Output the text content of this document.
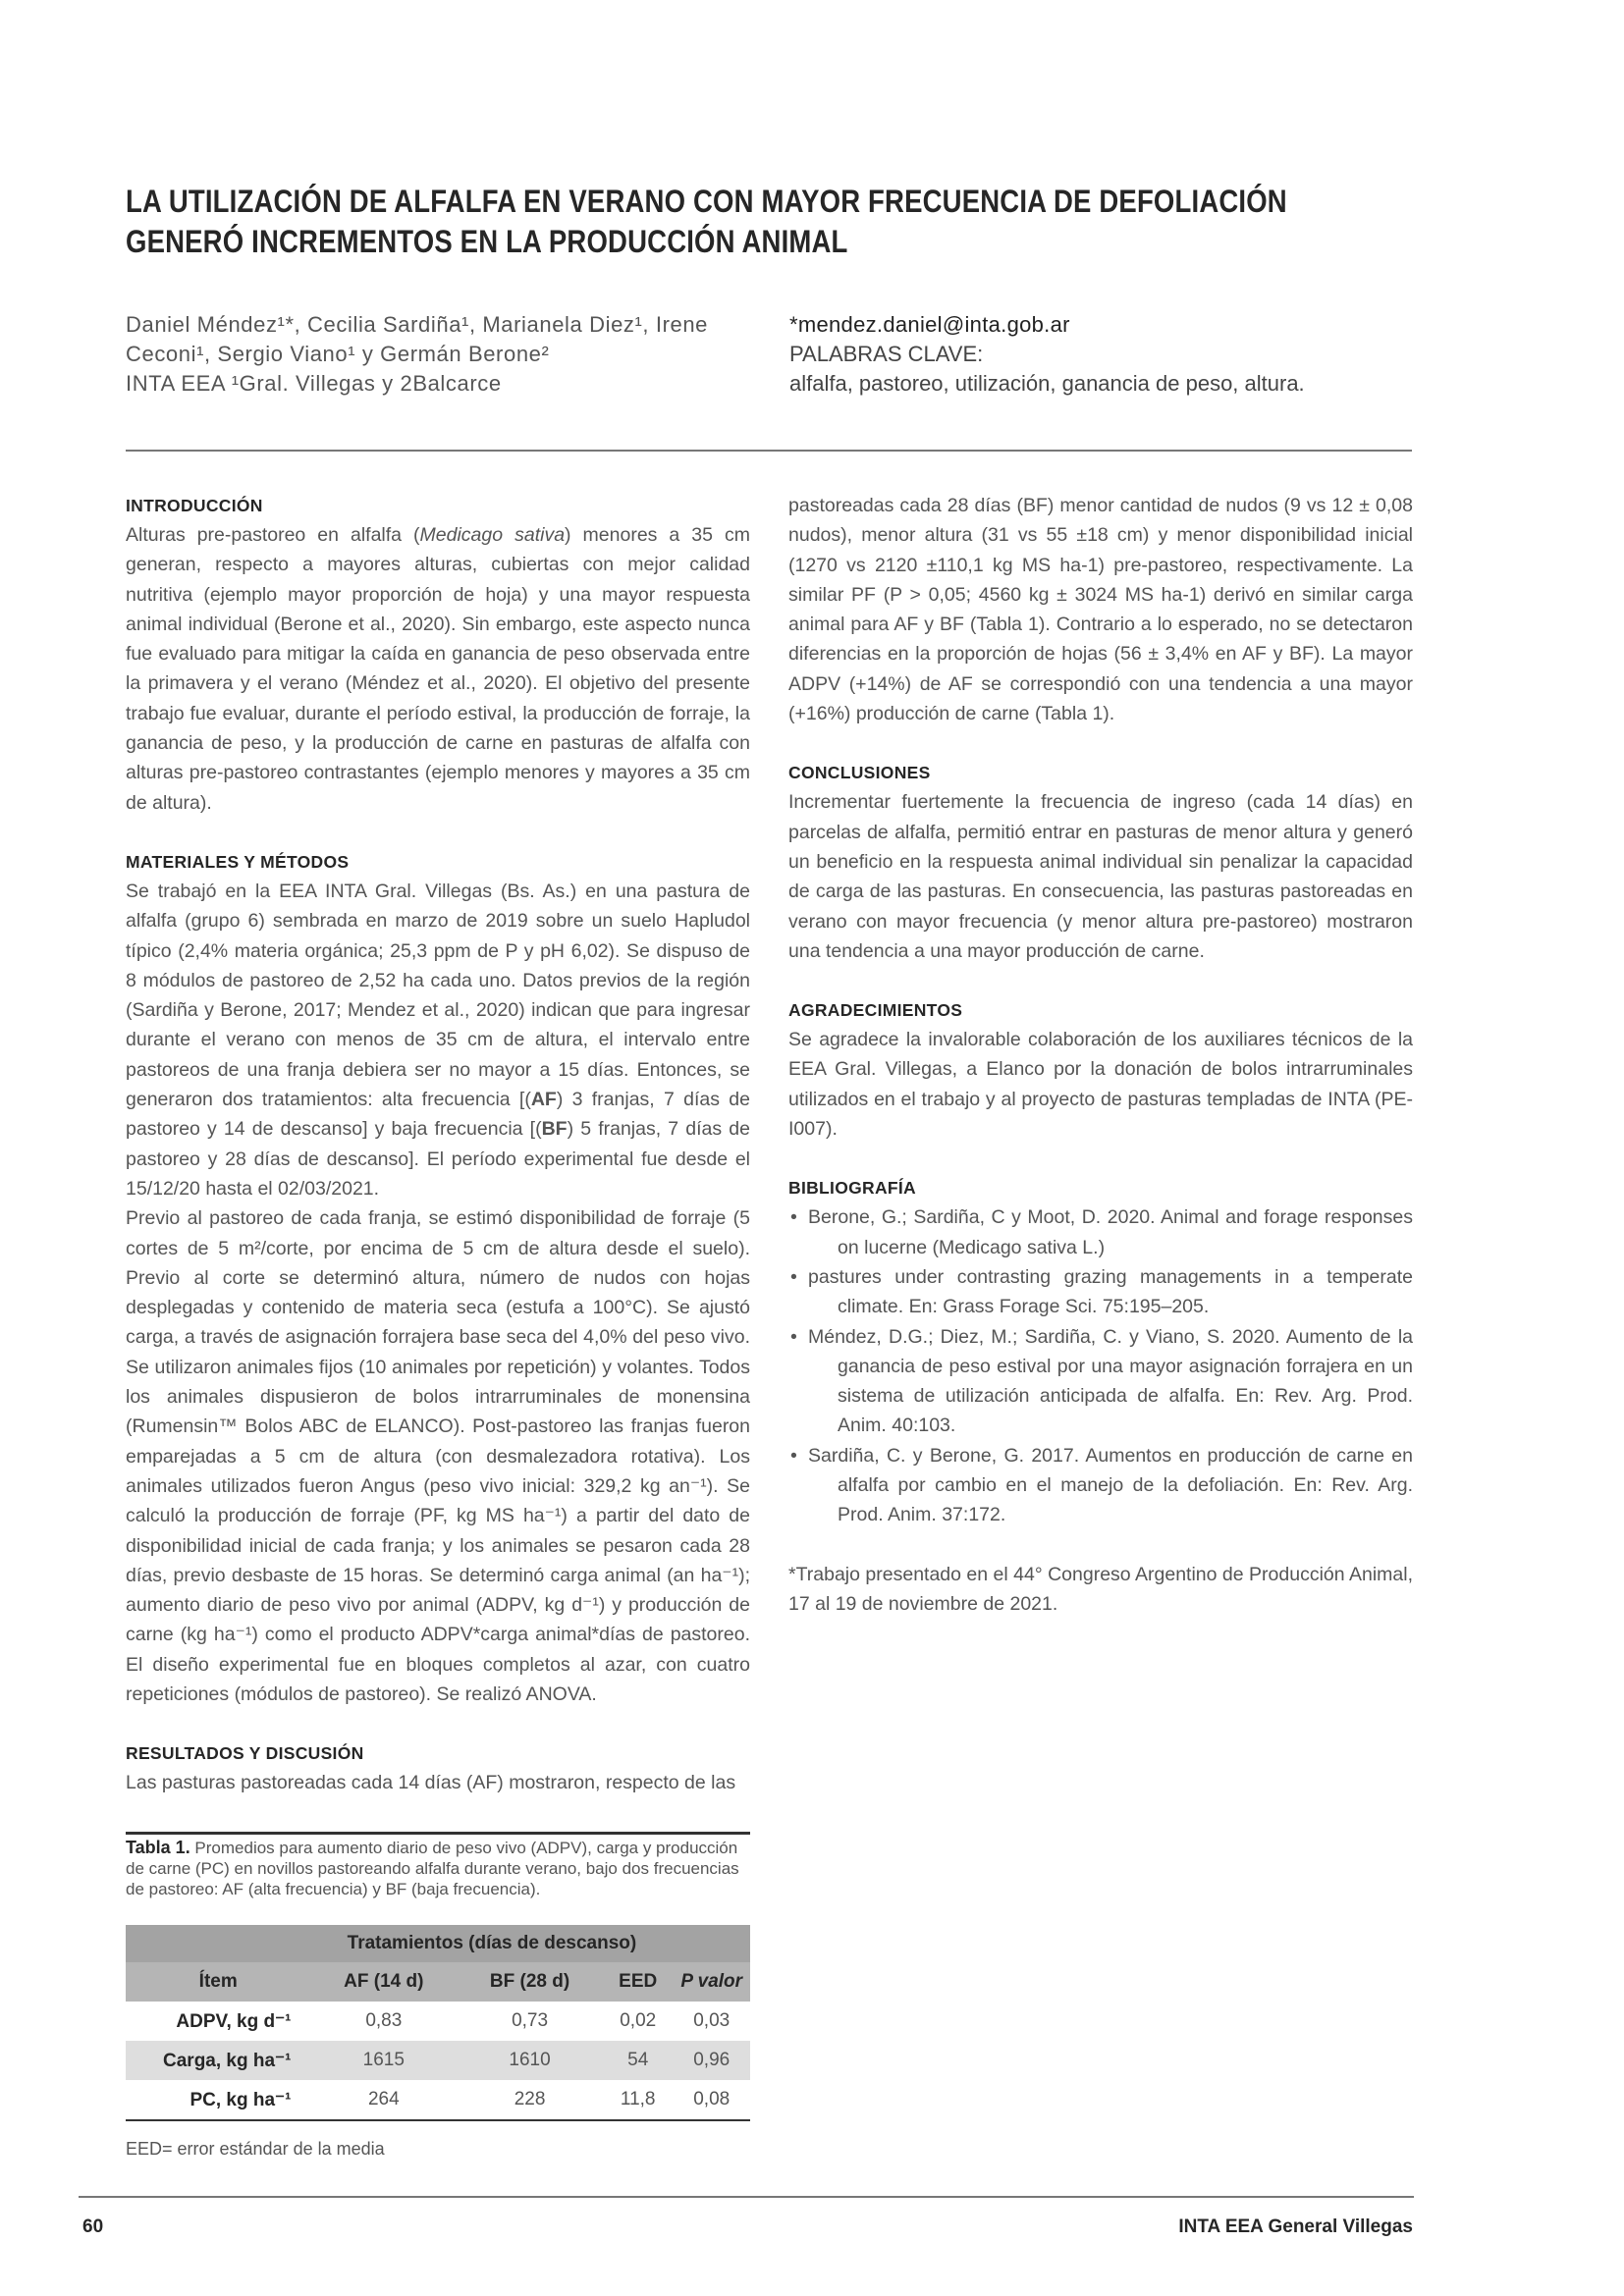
LA UTILIZACIÓN DE ALFALFA EN VERANO CON MAYOR FRECUENCIA DE DEFOLIACIÓN
GENERÓ INCREMENTOS EN LA PRODUCCIÓN ANIMAL
Daniel Méndez¹*, Cecilia Sardiña¹, Marianela Diez¹, Irene
Ceconi¹, Sergio Viano¹ y Germán Berone²
INTA EEA ¹Gral. Villegas y 2Balcarce
*mendez.daniel@inta.gob.ar
PALABRAS CLAVE:
alfalfa, pastoreo, utilización, ganancia de peso, altura.
INTRODUCCIÓN

Alturas pre-pastoreo en alfalfa (Medicago sativa) menores a 35 cm generan, respecto a mayores alturas, cubiertas con mejor calidad nutritiva (ejemplo mayor proporción de hoja) y una mayor respuesta animal individual (Berone et al., 2020). Sin embargo, este aspecto nunca fue evaluado para mitigar la caída en ganancia de peso observada entre la primavera y el verano (Méndez et al., 2020). El objetivo del presente trabajo fue evaluar, durante el período estival, la producción de forraje, la ganancia de peso, y la producción de carne en pasturas de alfalfa con alturas pre-pastoreo contrastantes (ejemplo menores y mayores a 35 cm de altura).

MATERIALES Y MÉTODOS

Se trabajó en la EEA INTA Gral. Villegas (Bs. As.) en una pastura de alfalfa (grupo 6) sembrada en marzo de 2019 sobre un suelo Hapludol típico (2,4% materia orgánica; 25,3 ppm de P y pH 6,02). Se dispuso de 8 módulos de pastoreo de 2,52 ha cada uno. Datos previos de la región (Sardiña y Berone, 2017; Mendez et al., 2020) indican que para ingresar durante el verano con menos de 35 cm de altura, el intervalo entre pastoreos de una franja debiera ser no mayor a 15 días. Entonces, se generaron dos tratamientos: alta frecuencia [(AF) 3 franjas, 7 días de pastoreo y 14 de descanso] y baja frecuencia [(BF) 5 franjas, 7 días de pastoreo y 28 días de descanso]. El período experimental fue desde el 15/12/20 hasta el 02/03/2021.

Previo al pastoreo de cada franja, se estimó disponibilidad de forraje (5 cortes de 5 m²/corte, por encima de 5 cm de altura desde el suelo). Previo al corte se determinó altura, número de nudos con hojas desplegadas y contenido de materia seca (estufa a 100°C). Se ajustó carga, a través de asignación forrajera base seca del 4,0% del peso vivo. Se utilizaron animales fijos (10 animales por repetición) y volantes. Todos los animales dispusieron de bolos intrarruminales de monensina (Rumensin™ Bolos ABC de ELANCO). Post-pastoreo las franjas fueron emparejadas a 5 cm de altura (con desmalezadora rotativa). Los animales utilizados fueron Angus (peso vivo inicial: 329,2 kg an⁻¹). Se calculó la producción de forraje (PF, kg MS ha⁻¹) a partir del dato de disponibilidad inicial de cada franja; y los animales se pesaron cada 28 días, previo desbaste de 15 horas. Se determinó carga animal (an ha⁻¹); aumento diario de peso vivo por animal (ADPV, kg d⁻¹) y producción de carne (kg ha⁻¹) como el producto ADPV*carga animal*días de pastoreo. El diseño experimental fue en bloques completos al azar, con cuatro repeticiones (módulos de pastoreo). Se realizó ANOVA.

RESULTADOS Y DISCUSIÓN

Las pasturas pastoreadas cada 14 días (AF) mostraron, respecto de las

Tabla 1. Promedios para aumento diario de peso vivo (ADPV), carga y producción de carne (PC) en novillos pastoreando alfalfa durante verano, bajo dos frecuencias de pastoreo: AF (alta frecuencia) y BF (baja frecuencia).

	Tratamientos (días de descanso)			
Ítem	AF (14 d)	BF (28 d)	EED	P valor
ADPV, kg d⁻¹	0,83	0,73	0,02	0,03
Carga, kg ha⁻¹	1615	1610	54	0,96
PC, kg ha⁻¹	264	228	11,8	0,08
EED= error estándar de la media

pastoreadas cada 28 días (BF) menor cantidad de nudos (9 vs 12 ± 0,08 nudos), menor altura (31 vs 55 ±18 cm) y menor disponibilidad inicial (1270 vs 2120 ±110,1 kg MS ha-1) pre-pastoreo, respectivamente. La similar PF (P > 0,05; 4560 kg ± 3024 MS ha-1) derivó en similar carga animal para AF y BF (Tabla 1). Contrario a lo esperado, no se detectaron diferencias en la proporción de hojas (56 ± 3,4% en AF y BF). La mayor ADPV (+14%) de AF se correspondió con una tendencia a una mayor (+16%) producción de carne (Tabla 1).

CONCLUSIONES

Incrementar fuertemente la frecuencia de ingreso (cada 14 días) en parcelas de alfalfa, permitió entrar en pasturas de menor altura y generó un beneficio en la respuesta animal individual sin penalizar la capacidad de carga de las pasturas. En consecuencia, las pasturas pastoreadas en verano con mayor frecuencia (y menor altura pre-pastoreo) mostraron una tendencia a una mayor producción de carne.

AGRADECIMIENTOS

Se agradece la invalorable colaboración de los auxiliares técnicos de la EEA Gral. Villegas, a Elanco por la donación de bolos intrarruminales utilizados en el trabajo y al proyecto de pasturas templadas de INTA (PE-I007).

BIBLIOGRAFÍA
• Berone, G.; Sardiña, C y Moot, D. 2020. Animal and forage responses on lucerne (Medicago sativa L.)
• pastures under contrasting grazing managements in a temperate climate. En: Grass Forage Sci. 75:195–205.
• Méndez, D.G.; Diez, M.; Sardiña, C. y Viano, S. 2020. Aumento de la ganancia de peso estival por una mayor asignación forrajera en un sistema de utilización anticipada de alfalfa. En: Rev. Arg. Prod. Anim. 40:103.
• Sardiña, C. y Berone, G. 2017. Aumentos en producción de carne en alfalfa por cambio en el manejo de la defoliación. En: Rev. Arg. Prod. Anim. 37:172.

*Trabajo presentado en el 44° Congreso Argentino de Producción Animal, 17 al 19 de noviembre de 2021.

60	INTA EEA General Villegas
